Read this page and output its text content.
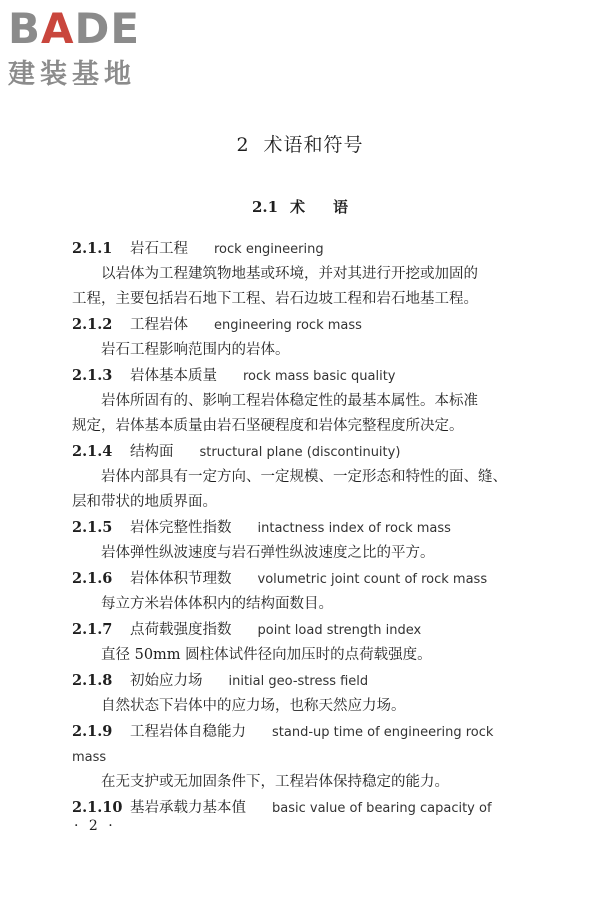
BADE
建装基地
2 术语和符号
2.1 术语
2.1.1 岩石工程 rock engineering
以岩体为工程建筑物地基或环境，并对其进行开挖或加固的
工程，主要包括岩石地下工程、岩石边坡工程和岩石地基工程。
2.1.2 工程岩体 engineering rock mass
岩石工程影响范围内的岩体。
2.1.3 岩体基本质量 rock mass basic quality
岩体所固有的、影响工程岩体稳定性的最基本属性。本标准
规定，岩体基本质量由岩石坚硬程度和岩体完整程度所决定。
2.1.4 结构面 structural plane (discontinuity)
岩体内部具有一定方向、一定规模、一定形态和特性的面、缝、
层和带状的地质界面。
2.1.5 岩体完整性指数 intactness index of rock mass
岩体弹性纵波速度与岩石弹性纵波速度之比的平方。
2.1.6 岩体体积节理数 volumetric joint count of rock mass
每立方米岩体体积内的结构面数目。
2.1.7 点荷载强度指数 point load strength index
直径 50mm 圆柱体试件径向加压时的点荷载强度。
2.1.8 初始应力场 initial geo-stress field
自然状态下岩体中的应力场，也称天然应力场。
2.1.9 工程岩体自稳能力 stand-up time of engineering rock
mass
在无支护或无加固条件下，工程岩体保持稳定的能力。
2.1.10 基岩承载力基本值 basic value of bearing capacity of
· 2 ·
